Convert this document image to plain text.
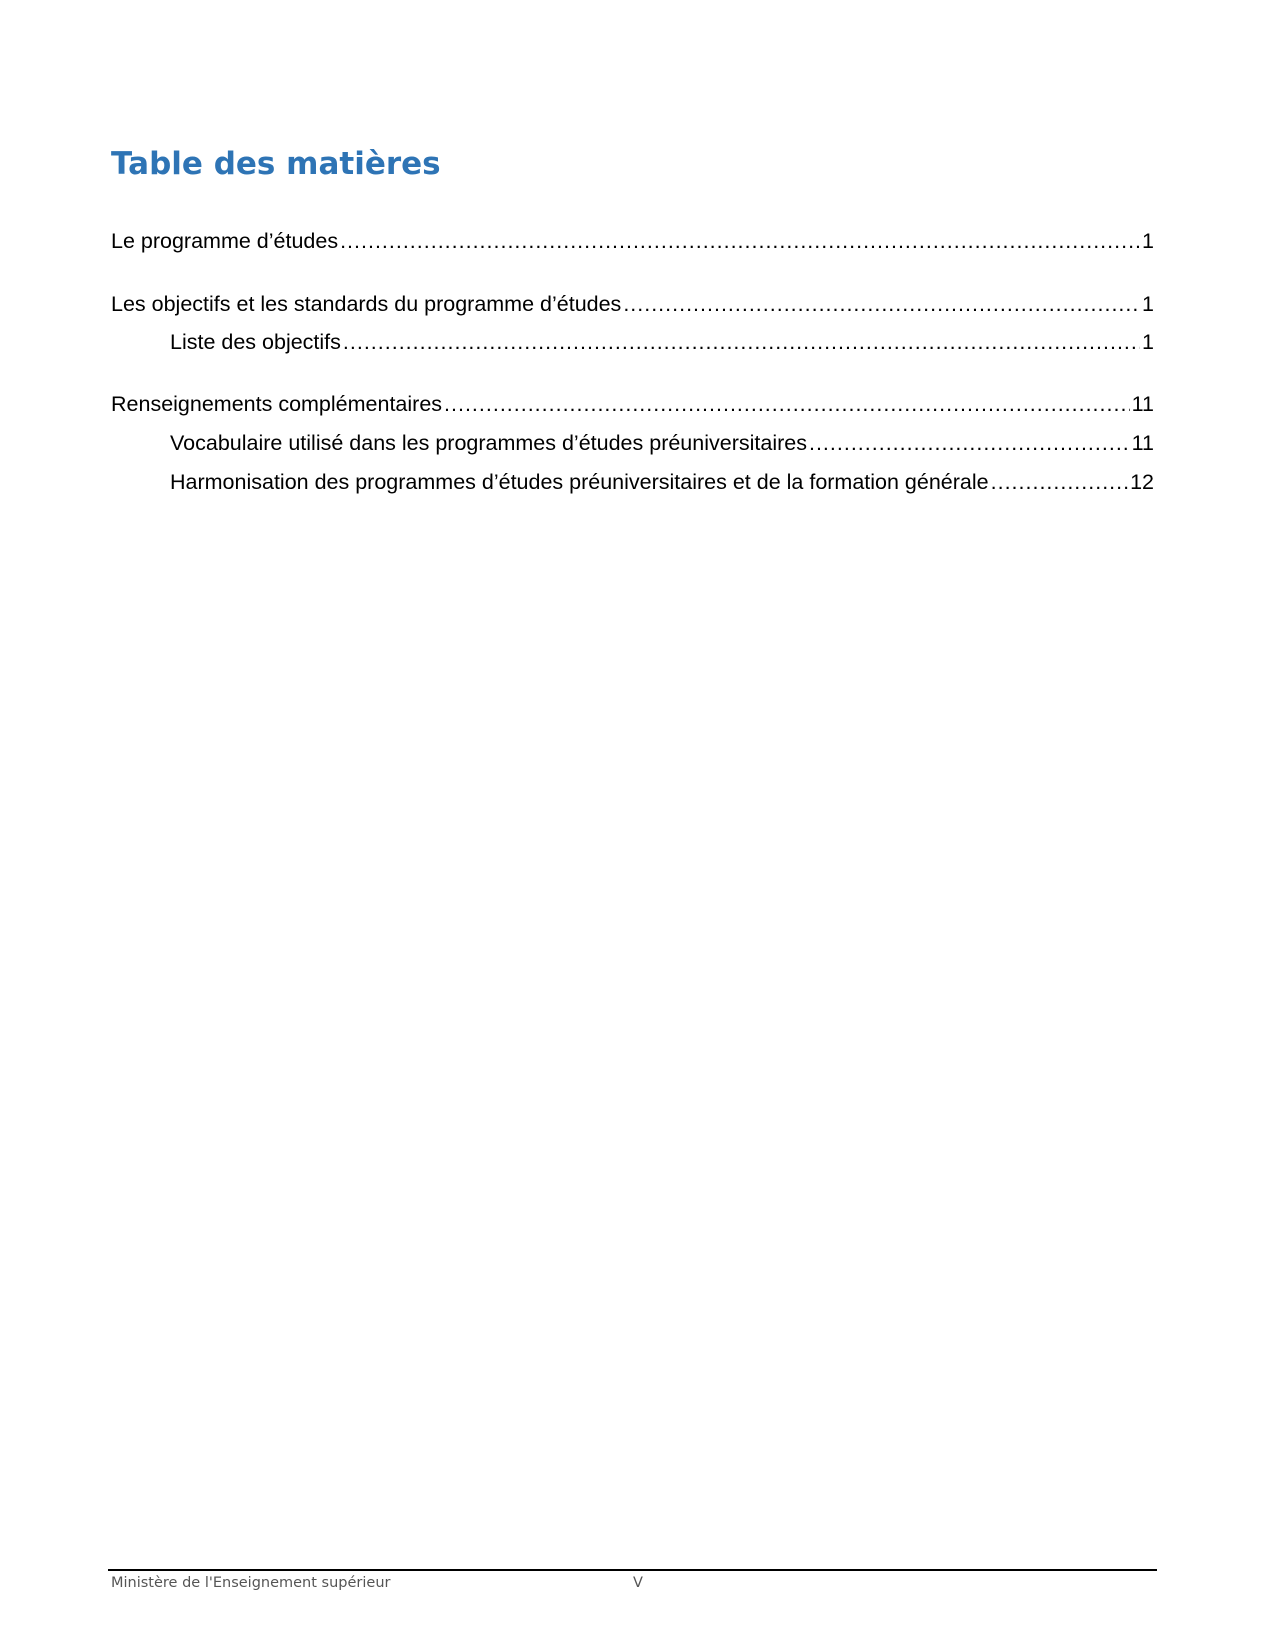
Table des matières
Le programme d’études .....	1
Les objectifs et les standards du programme d’études .....	1
Liste des objectifs .....	1
Renseignements complémentaires .....	11
Vocabulaire utilisé dans les programmes d’études préuniversitaires .....	11
Harmonisation des programmes d’études préuniversitaires et de la formation générale .....	12
Ministère de l'Enseignement supérieur	V
